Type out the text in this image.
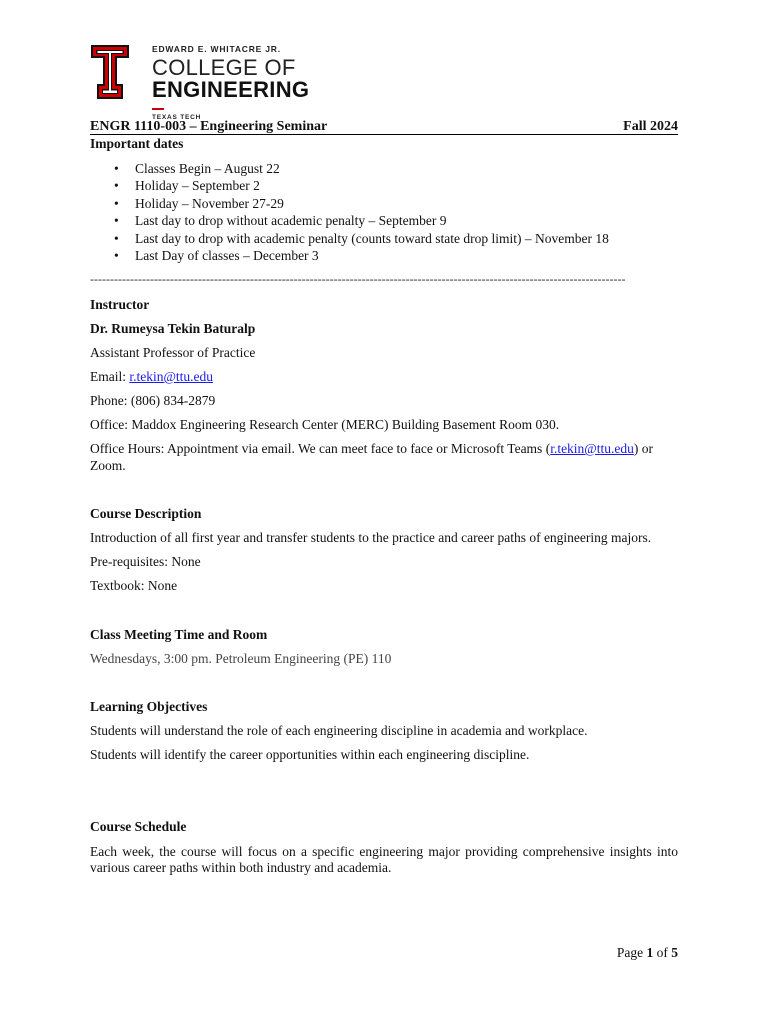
EDWARD E. WHITACRE JR.
COLLEGE OF
ENGINEERING
TEXAS TECH
ENGR 1110-003 – Engineering Seminar	Fall 2024
Important dates
• Classes Begin – August 22
• Holiday – September 2
• Holiday – November 27-29
• Last day to drop without academic penalty – September 9
• Last day to drop with academic penalty (counts toward state drop limit) – November 18
• Last Day of classes – December 3
--------------------------------------------------------------------------------------------------------------------------------------
Instructor
Dr. Rumeysa Tekin Baturalp
Assistant Professor of Practice
Email: r.tekin@ttu.edu
Phone: (806) 834-2879
Office: Maddox Engineering Research Center (MERC) Building Basement Room 030.
Office Hours: Appointment via email. We can meet face to face or Microsoft Teams (r.tekin@ttu.edu) or
Zoom.
Course Description
Introduction of all first year and transfer students to the practice and career paths of engineering majors.
Pre-requisites: None
Textbook: None
Class Meeting Time and Room
Wednesdays, 3:00 pm. Petroleum Engineering (PE) 110
Learning Objectives
Students will understand the role of each engineering discipline in academia and workplace.
Students will identify the career opportunities within each engineering discipline.
Course Schedule
Each week, the course will focus on a specific engineering major providing comprehensive insights into various career paths within both industry and academia.
Page 1 of 5
